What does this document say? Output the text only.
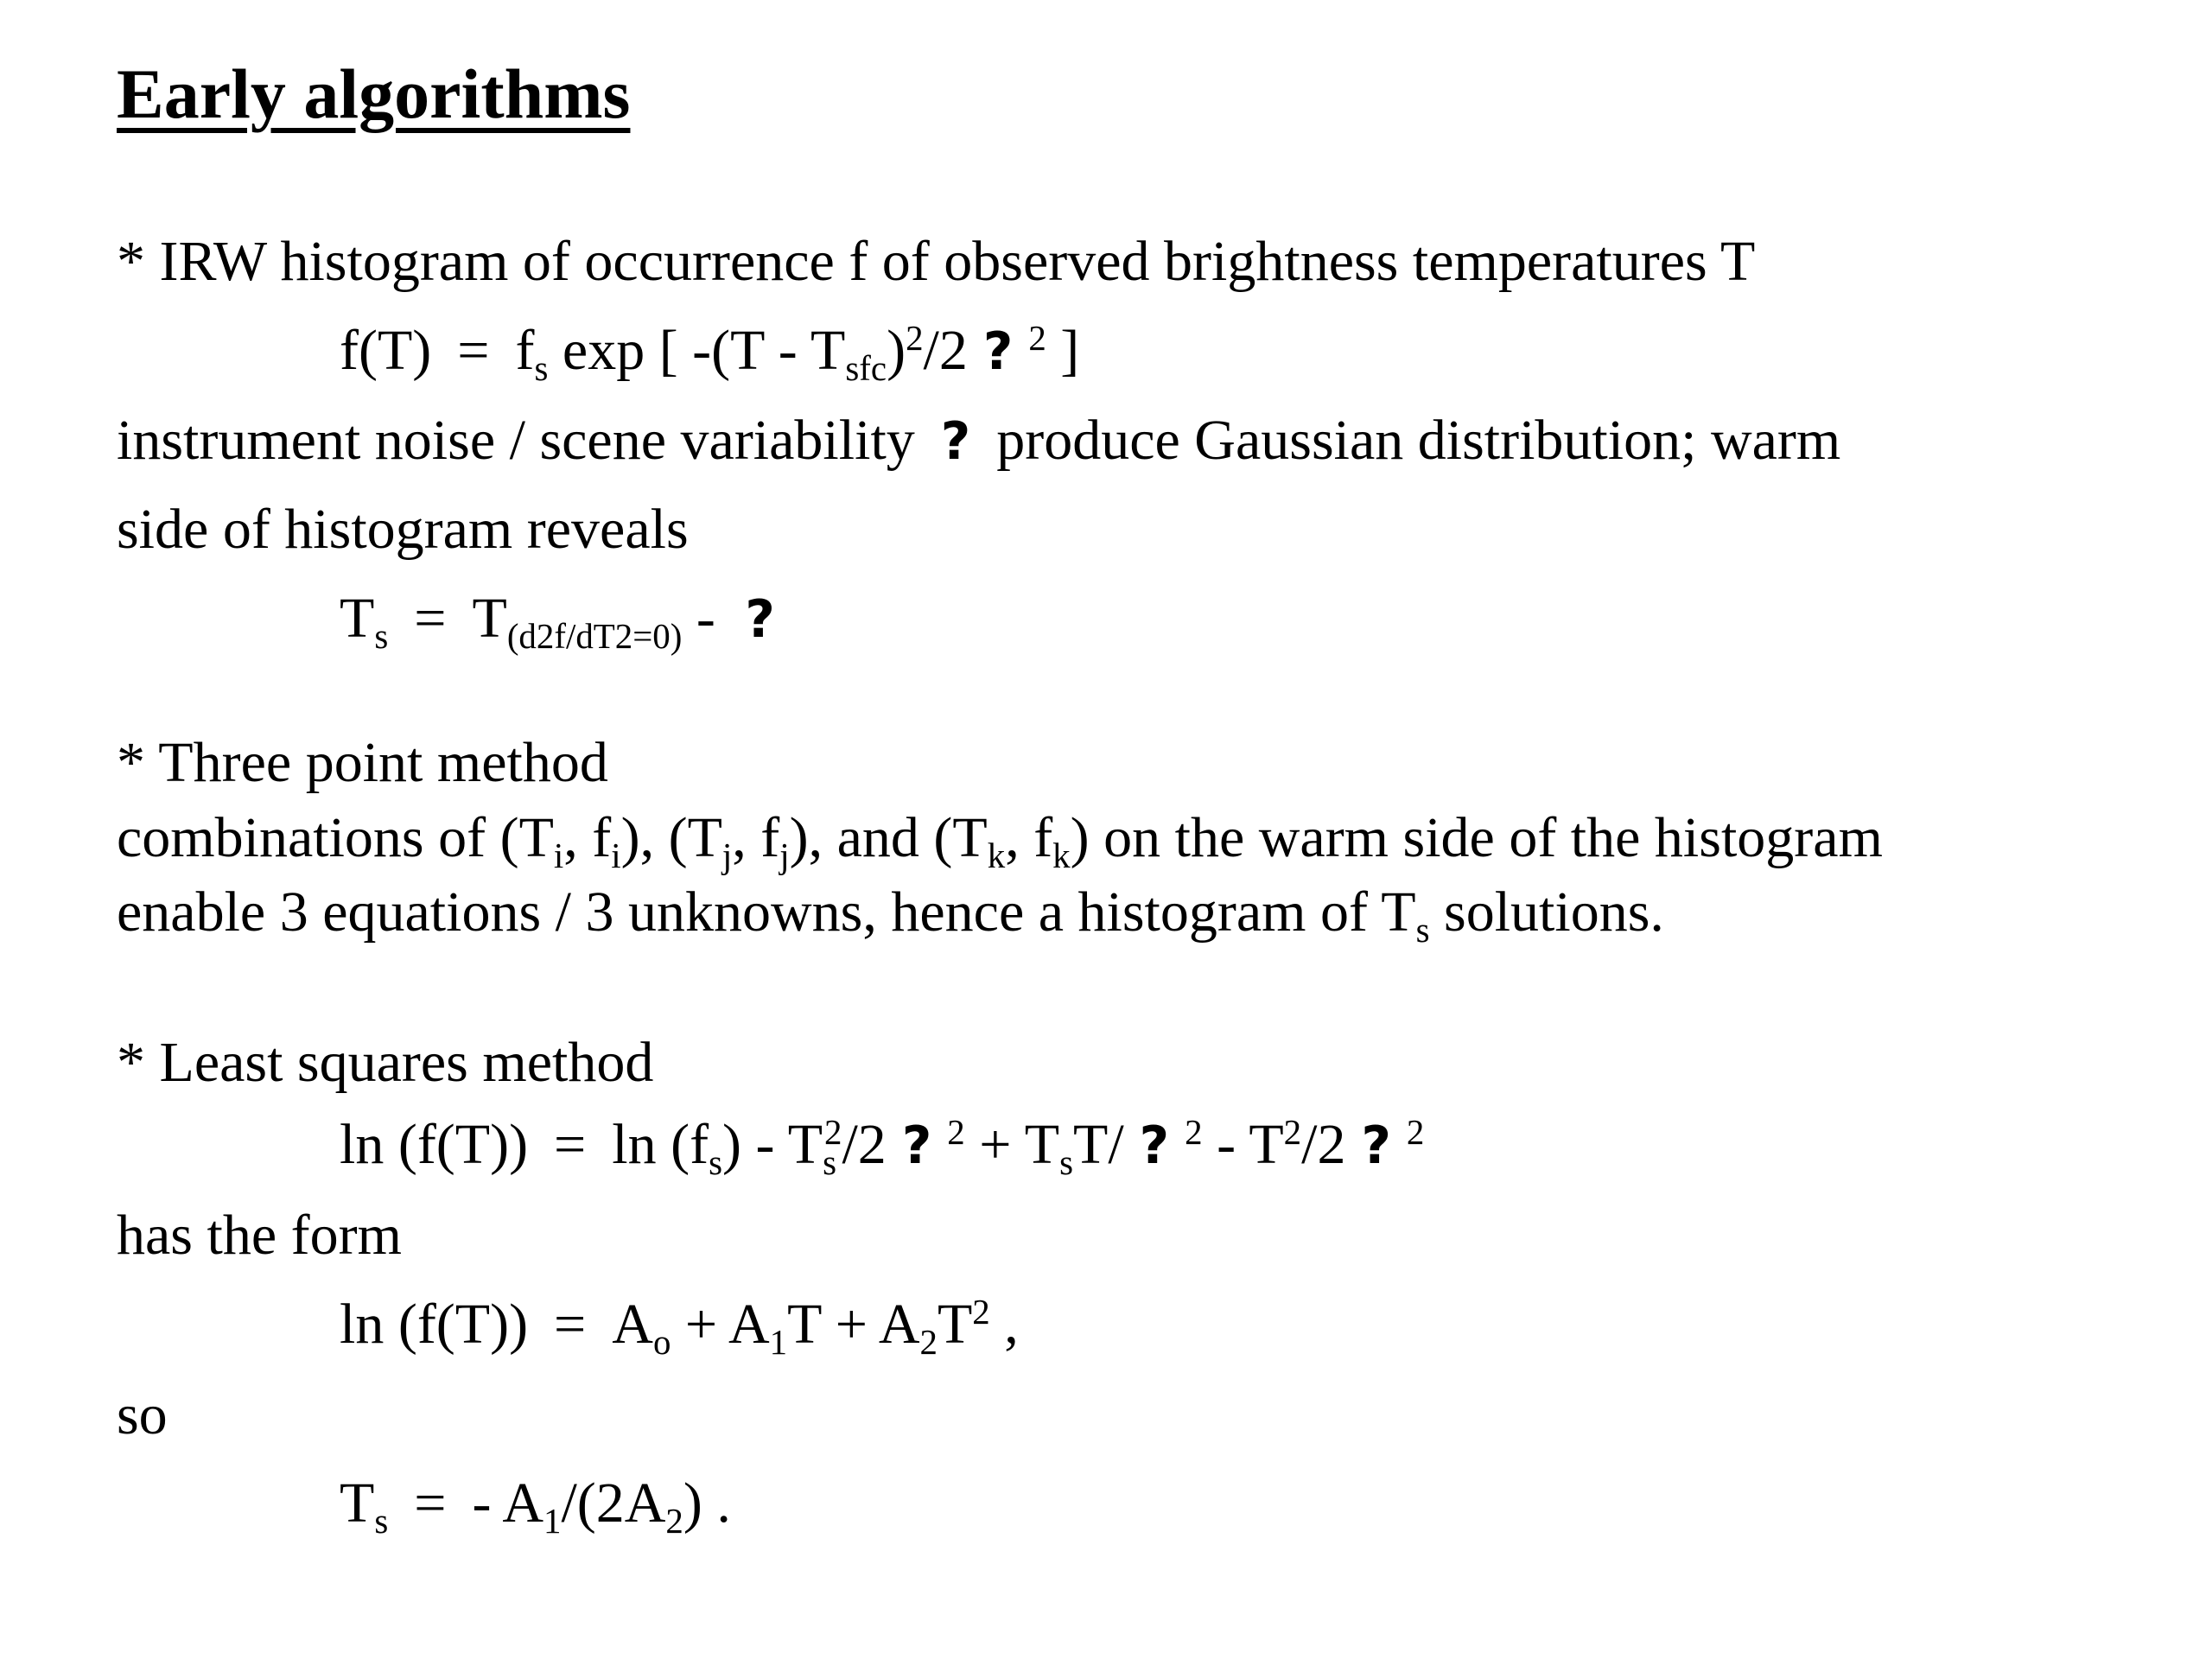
Early algorithms
* IRW histogram of occurrence f of observed brightness temperatures T
f(T) = fs exp [ -(T - Tsfc)$^2$/2 ? $^2$ ]
instrument noise / scene variability ? produce Gaussian distribution; warm
side of histogram reveals
Ts = T(d2f/dT2=0) - ?
* Three point method
combinations of (Ti, fi), (Tj, fj), and (Tk, fk) on the warm side of the histogram
enable 3 equations / 3 unknowns, hence a histogram of Ts solutions.
* Least squares method
ln (f(T)) = ln (fs) - Ts$^2$/2 ? $^2$ + TsT/ ? $^2 - T^2/2$ ? $^2$
has the form
$\ln (f(T)) = Ao + A1T + A2T^2$ ,
so
Ts = - A1/(2A2) .
